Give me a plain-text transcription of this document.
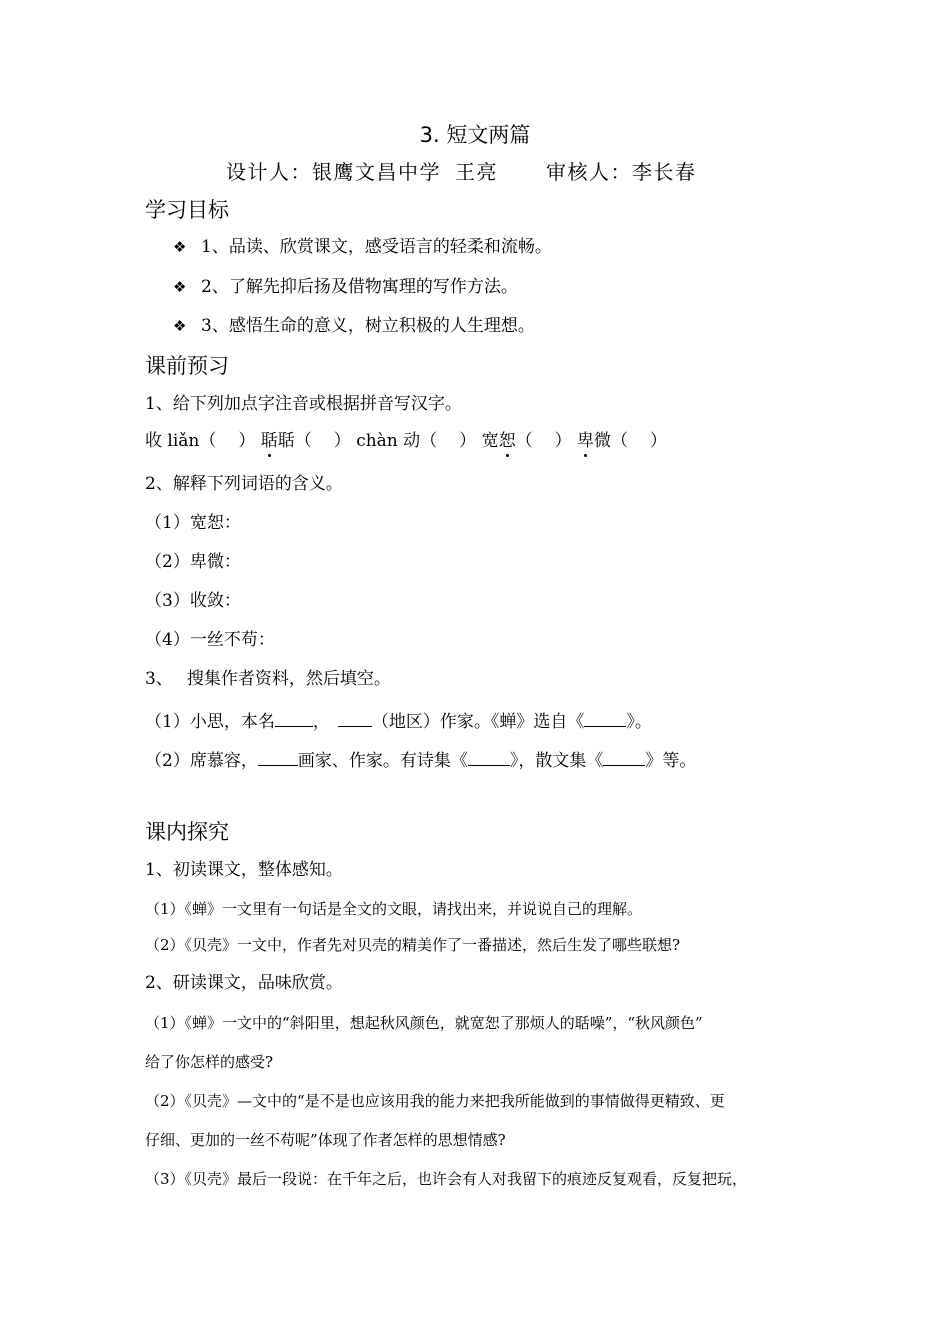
3. 短文两篇
设计人：银鹰文昌中学 王亮 审核人：李长春
学习目标
❖ 1、品读、欣赏课文，感受语言的轻柔和流畅。
❖ 2、了解先抑后扬及借物寓理的写作方法。
❖ 3、感悟生命的意义，树立积极的人生理想。
课前预习
1、给下列加点字注音或根据拼音写汉字。
收 liǎn（ ） 聒聒（ ） chàn 动（ ） 宽恕（ ） 卑微（ ）
2、解释下列词语的含义。
（1）宽恕：
（2）卑微：
（3）收敛：
（4）一丝不苟：
3、 搜集作者资料，然后填空。
（1）小思，本名 ， （地区）作家。《蝉》选自《 》。
（2）席慕容， 画家、作家。有诗集《 》，散文集《 》等。
课内探究
1、初读课文，整体感知。
（1）《蝉》一文里有一句话是全文的文眼，请找出来，并说说自己的理解。
（2）《贝壳》一文中，作者先对贝壳的精美作了一番描述，然后生发了哪些联想?
2、研读课文，品味欣赏。
（1）《蝉》一文中的“斜阳里，想起秋风颜色，就宽恕了那烦人的聒噪”，“秋风颜色”
给了你怎样的感受?
（2）《贝壳》—文中的“是不是也应该用我的能力来把我所能做到的事情做得更精致、更
仔细、更加的一丝不苟呢”体现了作者怎样的思想情感?
（3）《贝壳》最后一段说：在千年之后，也许会有人对我留下的痕迹反复观看，反复把玩，
